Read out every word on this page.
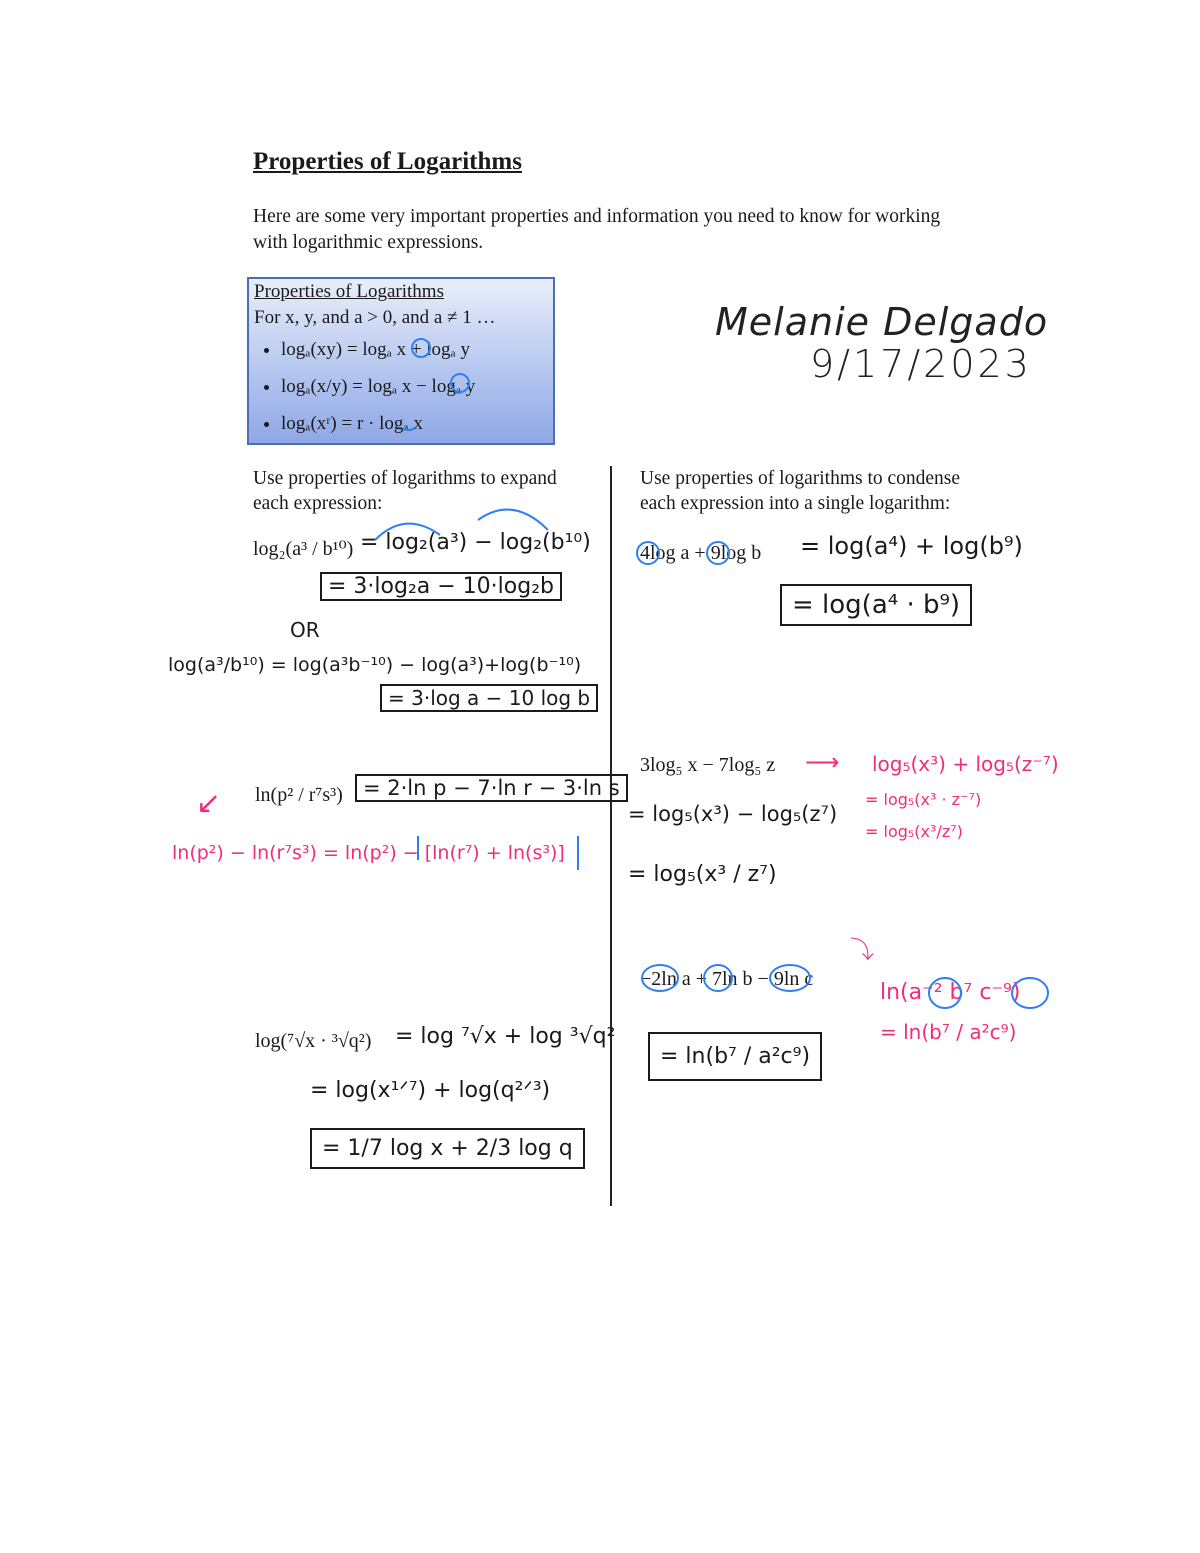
Properties of Logarithms
Here are some very important properties and information you need to know for working with logarithmic expressions.
Properties of Logarithms
For x, y, and a > 0, and a ≠ 1 …
• logₐ(xy) = logₐ x + logₐ y
• logₐ(x/y) = logₐ x − logₐ y
• logₐ(xʳ) = r · logₐ x
Melanie Delgado
9/17/2023
Use properties of logarithms to expand each expression:
log₂(a³ / b¹⁰) = log₂(a³) − log₂(b¹⁰)
= 3·log₂a − 10·log₂b
OR
log(a³/b¹⁰) = log(a³b⁻¹⁰) − log(a³)+log(b⁻¹⁰)
= 3·log a − 10 log b
ln(p² / r⁷s³) = 2·ln p − 7·ln r − 3·ln s
↙
ln(p²) − ln(r⁷s³) = ln(p²) − [ln(r⁷) + ln(s³)]
log(⁷√x · ³√q²) = log ⁷√x + log ³√q²
= log(x¹ᐟ⁷) + log(q²ᐟ³)
= 1/7 log x + 2/3 log q
Use properties of logarithms to condense each expression into a single logarithm:
4log a + 9log b = log(a⁴) + log(b⁹)
= log(a⁴ · b⁹)
3log₅ x − 7log₅ z ⟶ log₅(x³) + log₅(z⁻⁷)
= log₅(x³ · z⁻⁷)
= log₅(x³/z⁷)
= log₅(x³) − log₅(z⁷)
= log₅(x³ / z⁷)
−2ln a + 7ln b − 9ln c
⤵
ln(a⁻² b⁷ c⁻⁹)
= ln(b⁷ / a²c⁹)
= ln(b⁷ / a²c⁹)
